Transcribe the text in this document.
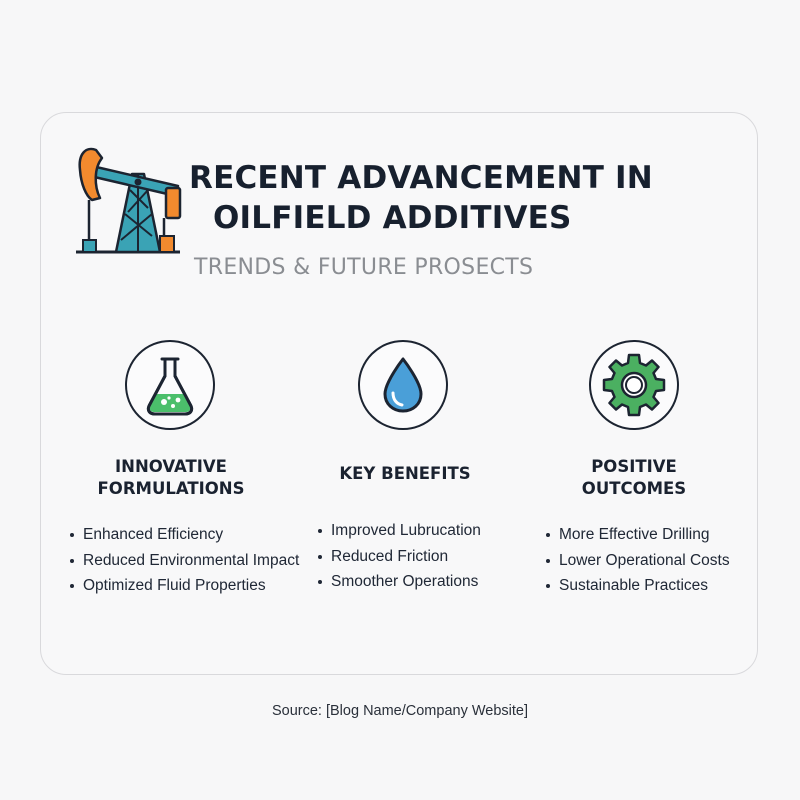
RECENT ADVANCEMENT IN
OILFIELD ADDITIVES
TRENDS & FUTURE PROSECTS
INNOVATIVE
FORMULATIONS
Enhanced Efficiency
Reduced Environmental Impact
Optimized Fluid Properties
KEY BENEFITS
Improved Lubrucation
Reduced Friction
Smoother Operations
POSITIVE
OUTCOMES
More Effective Drilling
Lower Operational Costs
Sustainable Practices
Source: [Blog Name/Company Website]
